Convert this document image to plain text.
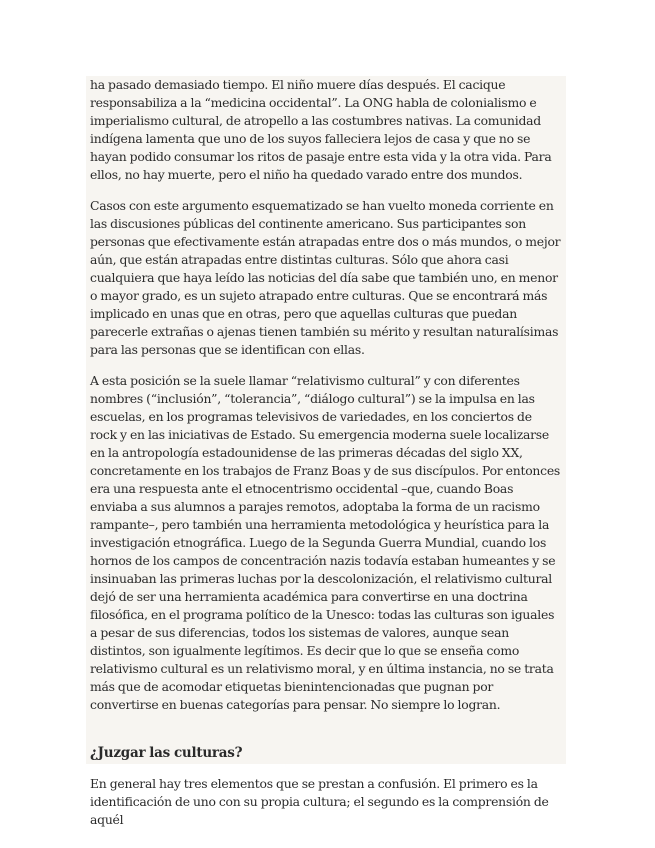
ha pasado demasiado tiempo. El niño muere días después. El cacique responsabiliza a la “medicina occidental”. La ONG habla de colonialismo e imperialismo cultural, de atropello a las costumbres nativas. La comunidad indígena lamenta que uno de los suyos falleciera lejos de casa y que no se hayan podido consumar los ritos de pasaje entre esta vida y la otra vida. Para ellos, no hay muerte, pero el niño ha quedado varado entre dos mundos.

Casos con este argumento esquematizado se han vuelto moneda corriente en las discusiones públicas del continente americano. Sus participantes son personas que efectivamente están atrapadas entre dos o más mundos, o mejor aún, que están atrapadas entre distintas culturas. Sólo que ahora casi cualquiera que haya leído las noticias del día sabe que también uno, en menor o mayor grado, es un sujeto atrapado entre culturas. Que se encontrará más implicado en unas que en otras, pero que aquellas culturas que puedan parecerle extrañas o ajenas tienen también su mérito y resultan naturalísimas para las personas que se identifican con ellas.

A esta posición se la suele llamar “relativismo cultural” y con diferentes nombres (“inclusión”, “tolerancia”, “diálogo cultural”) se la impulsa en las escuelas, en los programas televisivos de variedades, en los conciertos de rock y en las iniciativas de Estado. Su emergencia moderna suele localizarse en la antropología estadounidense de las primeras décadas del siglo XX, concretamente en los trabajos de Franz Boas y de sus discípulos. Por entonces era una respuesta ante el etnocentrismo occidental –que, cuando Boas enviaba a sus alumnos a parajes remotos, adoptaba la forma de un racismo rampante–, pero también una herramienta metodológica y heurística para la investigación etnográfica. Luego de la Segunda Guerra Mundial, cuando los hornos de los campos de concentración nazis todavía estaban humeantes y se insinuaban las primeras luchas por la descolonización, el relativismo cultural dejó de ser una herramienta académica para convertirse en una doctrina filosófica, en el programa político de la Unesco: todas las culturas son iguales a pesar de sus diferencias, todos los sistemas de valores, aunque sean distintos, son igualmente legítimos. Es decir que lo que se enseña como relativismo cultural es un relativismo moral, y en última instancia, no se trata más que de acomodar etiquetas bienintencionadas que pugnan por convertirse en buenas categorías para pensar. No siempre lo logran.

¿Juzgar las culturas?

En general hay tres elementos que se prestan a confusión. El primero es la identificación de uno con su propia cultura; el segundo es la comprensión de aquél
